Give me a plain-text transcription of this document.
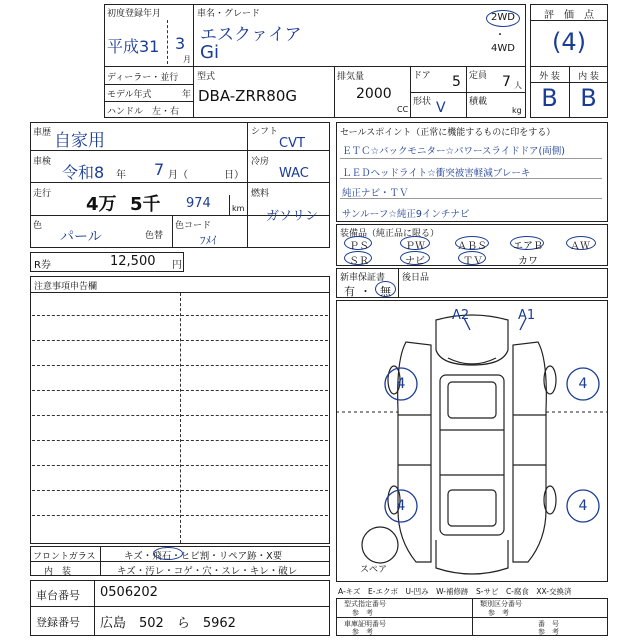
初度登録年月
平成31 3
月
車名・グレード
エスクァイア
Gi
2WD
・
4WD
ディーラー・並行
モデル年式	年
ハンドル　左・右
型式
DBA-ZRR80G
排気量
2000
CC
ドア 5 定員 7 人
形状 V	積載
kg
評　価　点
(4)
外 装	内 装
B B
車歴 自家用
車検
令和8 年 7 月（	日）
走行 4万 5千 974	km
色
パール	色替
色コード
ﾌﾒｲ
シフト
CVT
冷房
WAC
燃料
ガソリン
R券	12,500 円
セールスポイント（正常に機能するものに印をする）
ＥＴＣ☆バックモニター☆パワースライドドア(両側)
ＬＥＤヘッドライト☆衝突被害軽減ブレーキ
純正ナビ・ＴＶ
サンルーフ☆純正9インチナビ
装備品（純正品に限る）
ＰＳ	ＰＷ	ＡＢＳ	エアＢ	ＡＷ
ＳＲ	ナビ	ＴＶ	カワ
新車保証書
有 ・ 無
後日品
注意事項申告欄
フロントガラス	キズ・飛石・ヒビ割・リペア跡・X要
内　装	キズ・汚レ・コゲ・穴・スレ・キレ・破レ
車台番号 0506202
登録番号 広島　502　ら　5962
A2	A1
4	4
4	4
スペア
A-キズ　E-エクボ　U-凹み　W-補修跡　S-サビ　C-腐食　XX-交換済
型式指定番号
参　考
類別区分番号
参　考
車庫証明番号
参　考
番　号
参　考
